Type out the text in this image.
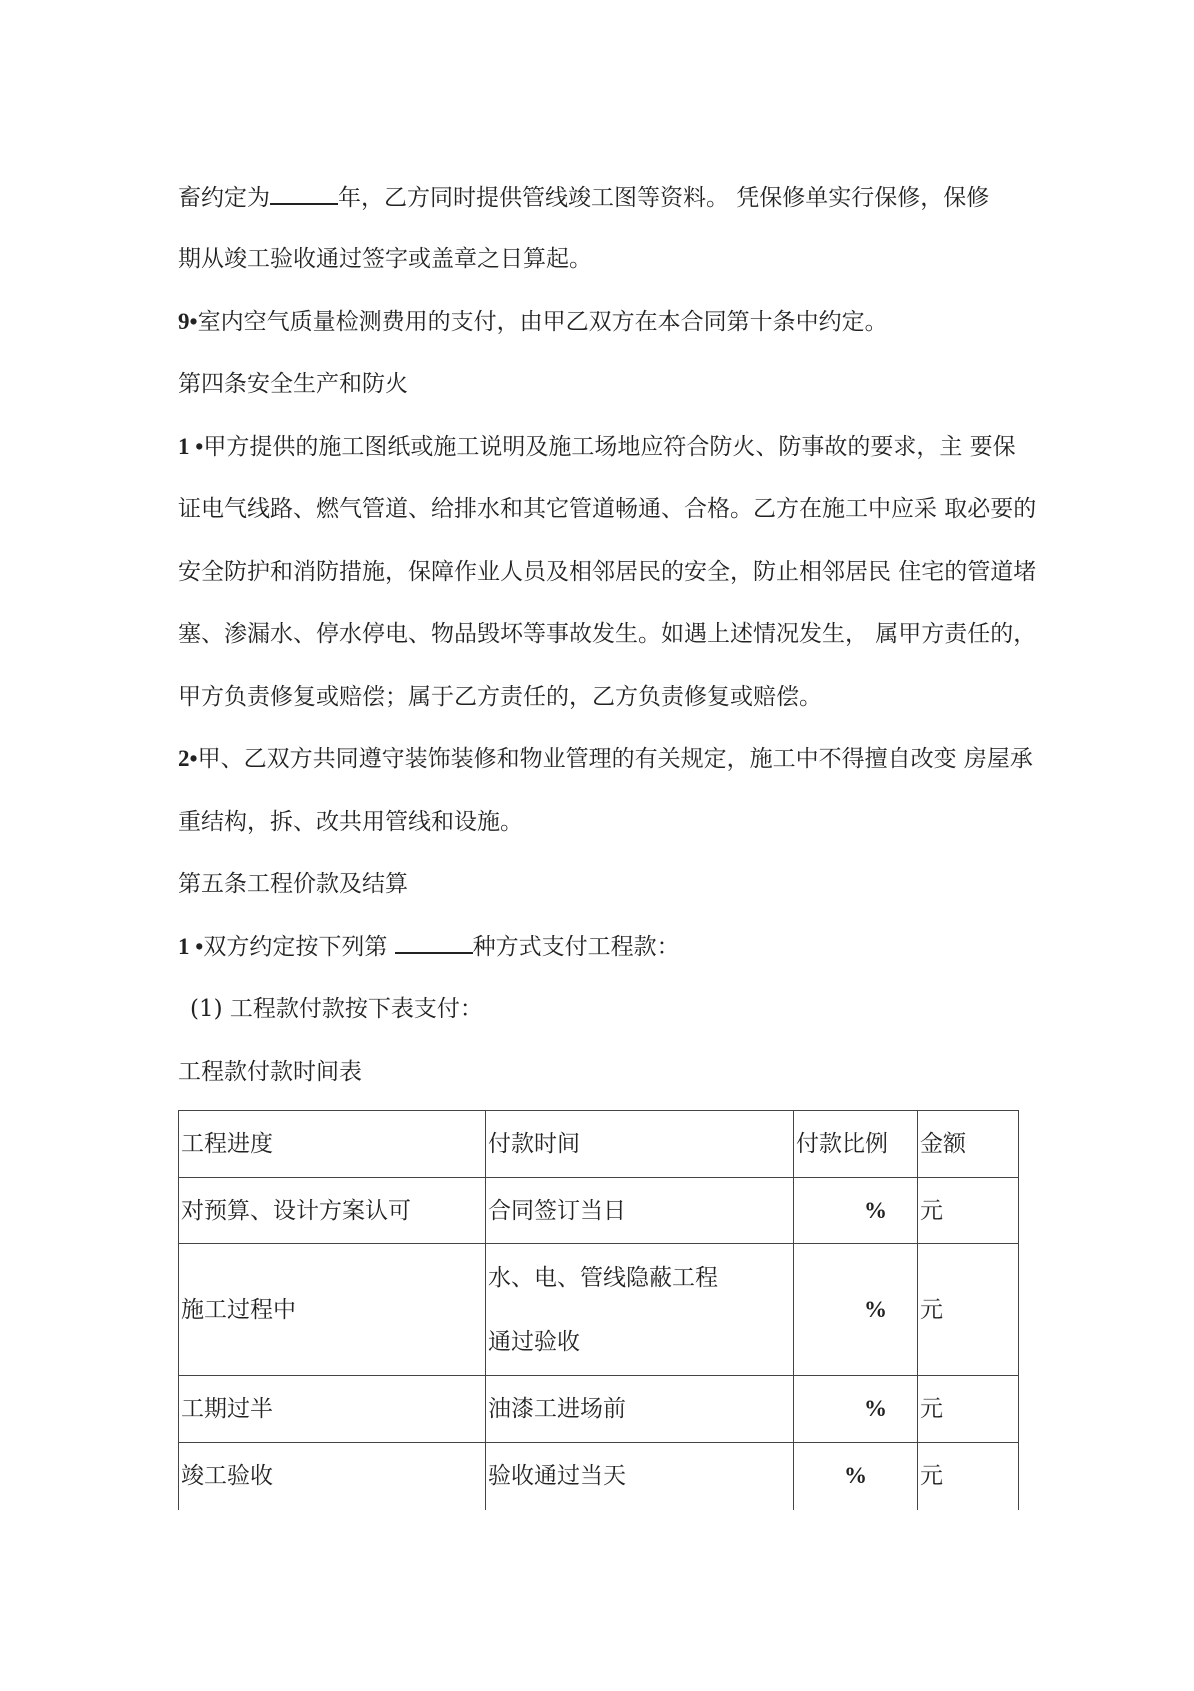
畜约定为	年，乙方同时提供管线竣工图等资料。 凭保修单实行保修，保修
期从竣工验收通过签字或盖章之日算起。
9•室内空气质量检测费用的支付，由甲乙双方在本合同第十条中约定。
第四条安全生产和防火
1 •甲方提供的施工图纸或施工说明及施工场地应符合防火、防事故的要求，主 要保
证电气线路、燃气管道、给排水和其它管道畅通、合格。乙方在施工中应采 取必要的
安全防护和消防措施，保障作业人员及相邻居民的安全，防止相邻居民 住宅的管道堵
塞、渗漏水、停水停电、物品毁坏等事故发生。如遇上述情况发生， 属甲方责任的，
甲方负责修复或赔偿；属于乙方责任的，乙方负责修复或赔偿。
2•甲、乙双方共同遵守装饰装修和物业管理的有关规定，施工中不得擅自改变 房屋承
重结构，拆、改共用管线和设施。
第五条工程价款及结算
1 •双方约定按下列第	种方式支付工程款：
(1) 工程款付款按下表支付：
工程款付款时间表
工程进度	付款时间	付款比例	金额
对预算、设计方案认可	合同签订当日	%	元
施工过程中	水、电、管线隐蔽工程
通过验收	%	元
工期过半	油漆工进场前	%	元
竣工验收	验收通过当天	%	元
